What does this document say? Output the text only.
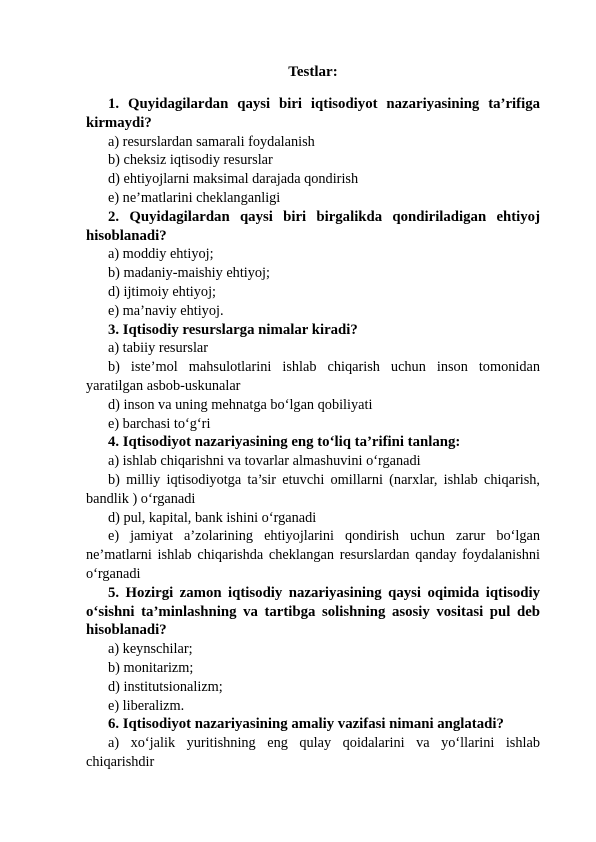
Testlar:

1. Quyidagilardan qaysi biri iqtisodiyot nazariyasining ta’rifiga kirmaydi?

a) resurslardan samarali foydalanish

b) cheksiz iqtisodiy resurslar

d) ehtiyojlarni maksimal darajada qondirish

e) ne’matlarini cheklanganligi

2. Quyidagilardan qaysi biri birgalikda qondiriladigan ehtiyoj hisoblanadi?

a) moddiy ehtiyoj;

b) madaniy-maishiy ehtiyoj;

d) ijtimoiy ehtiyoj;

e) ma’naviy ehtiyoj.

3. Iqtisodiy resurslarga nimalar kiradi?

a) tabiiy resurslar

b) iste’mol mahsulotlarini ishlab chiqarish uchun inson tomonidan yaratilgan asbob-uskunalar

d) inson va uning mehnatga bo‘lgan qobiliyati

e) barchasi to‘g‘ri

4. Iqtisodiyot nazariyasining eng to‘liq ta’rifini tanlang:

a) ishlab chiqarishni va tovarlar almashuvini o‘rganadi

b) milliy iqtisodiyotga ta’sir etuvchi omillarni (narxlar, ishlab chiqarish, bandlik ) o‘rganadi

d) pul, kapital, bank ishini o‘rganadi

e) jamiyat a’zolarining ehtiyojlarini qondirish uchun zarur bo‘lgan ne’matlarni ishlab chiqarishda cheklangan resurslardan qanday foydalanishni o‘rganadi

5. Hozirgi zamon iqtisodiy nazariyasining qaysi oqimida iqtisodiy o‘sishni ta’minlashning va tartibga solishning asosiy vositasi pul deb hisoblanadi?

a) keynschilar;

b) monitarizm;

d) institutsionalizm;

e) liberalizm.

6. Iqtisodiyot nazariyasining amaliy vazifasi nimani anglatadi?

a) xo‘jalik yuritishning eng qulay qoidalarini va yo‘llarini ishlab chiqarishdir
